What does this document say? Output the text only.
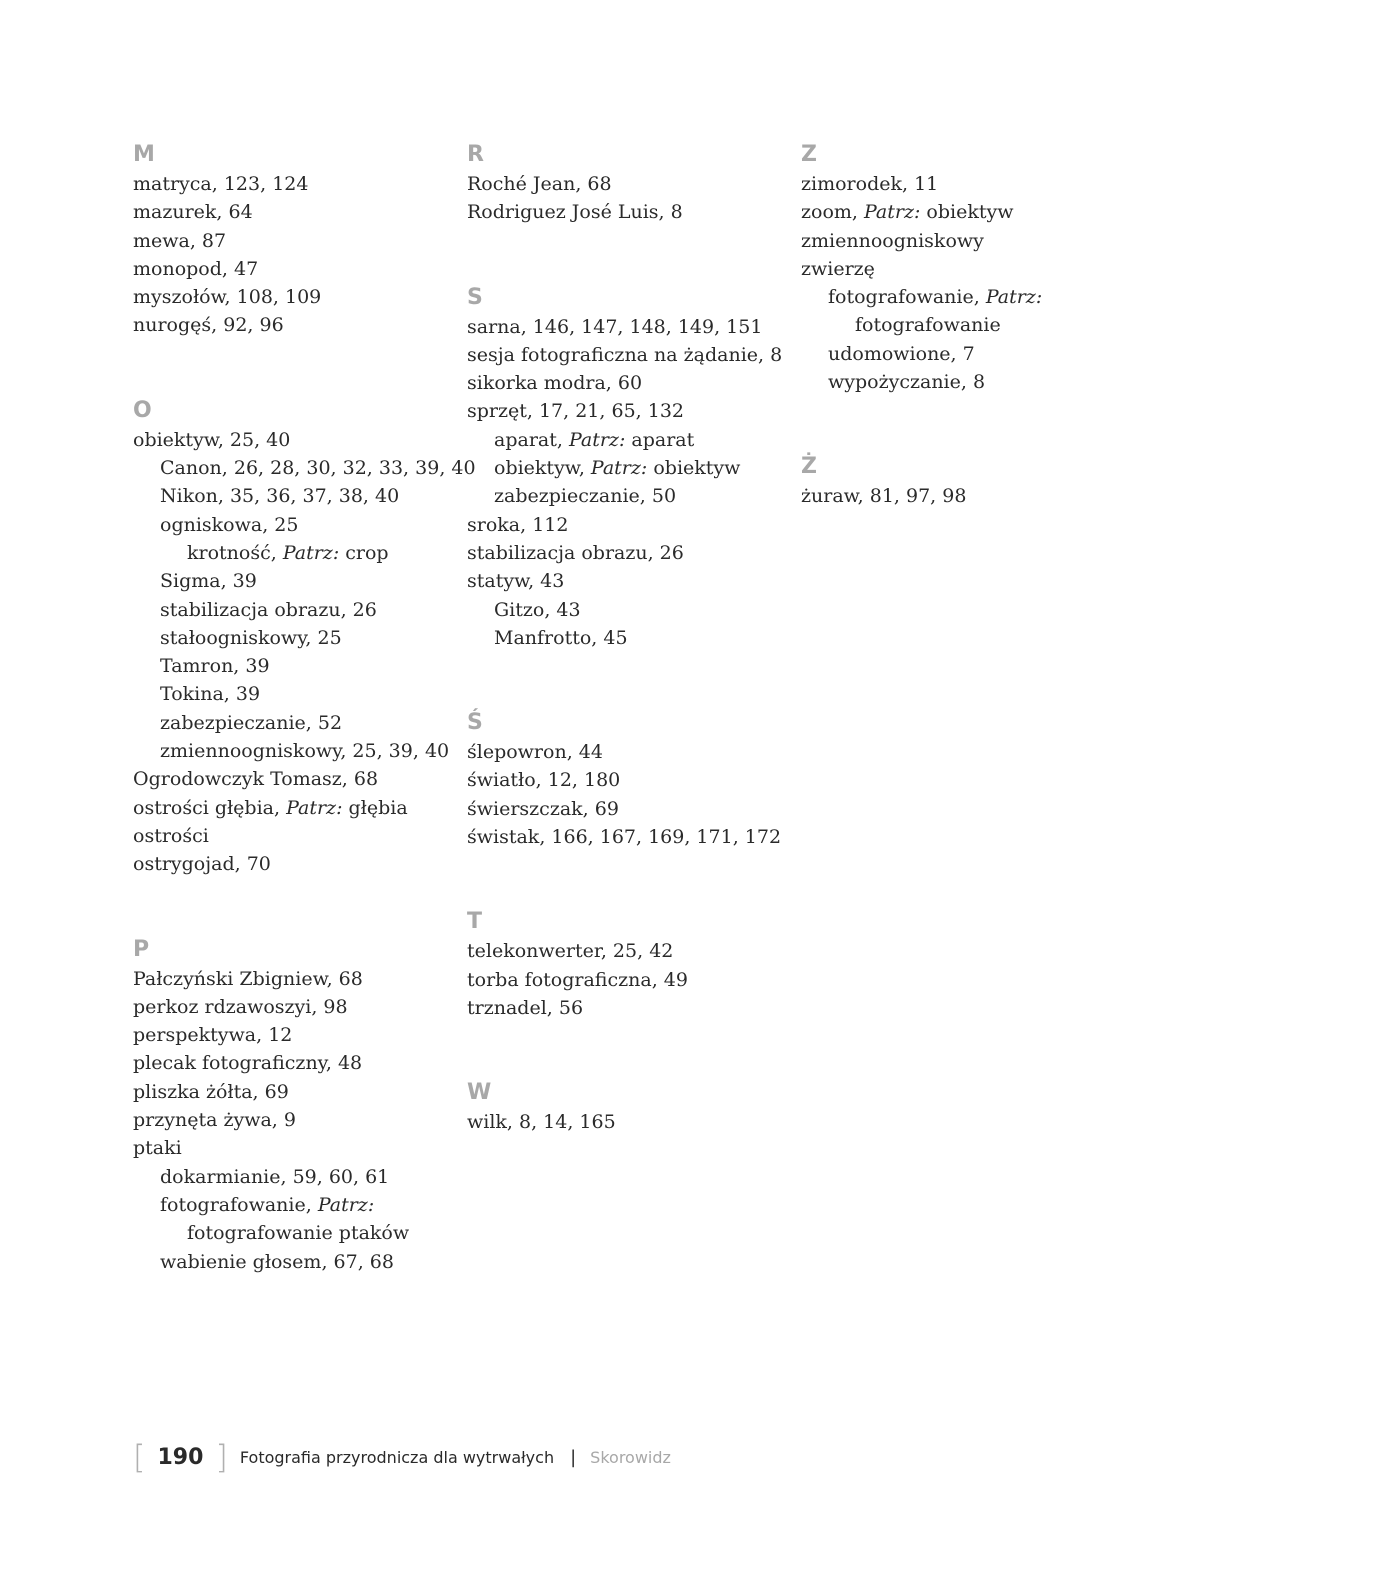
M
matryca, 123, 124
mazurek, 64
mewa, 87
monopod, 47
myszołów, 108, 109
nurogęś, 92, 96
O
obiektyw, 25, 40
Canon, 26, 28, 30, 32, 33, 39, 40
Nikon, 35, 36, 37, 38, 40
ogniskowa, 25
krotność, Patrz: crop
Sigma, 39
stabilizacja obrazu, 26
stałoogniskowy, 25
Tamron, 39
Tokina, 39
zabezpieczanie, 52
zmiennoogniskowy, 25, 39, 40
Ogrodowczyk Tomasz, 68
ostrości głębia, Patrz: głębia
ostrości
ostrygojad, 70
P
Pałczyński Zbigniew, 68
perkoz rdzawoszyi, 98
perspektywa, 12
plecak fotograficzny, 48
pliszka żółta, 69
przynęta żywa, 9
ptaki
dokarmianie, 59, 60, 61
fotografowanie, Patrz:
fotografowanie ptaków
wabienie głosem, 67, 68
R
Roché Jean, 68
Rodriguez José Luis, 8
S
sarna, 146, 147, 148, 149, 151
sesja fotograficzna na żądanie, 8
sikorka modra, 60
sprzęt, 17, 21, 65, 132
aparat, Patrz: aparat
obiektyw, Patrz: obiektyw
zabezpieczanie, 50
sroka, 112
stabilizacja obrazu, 26
statyw, 43
Gitzo, 43
Manfrotto, 45
Ś
ślepowron, 44
światło, 12, 180
świerszczak, 69
świstak, 166, 167, 169, 171, 172
T
telekonwerter, 25, 42
torba fotograficzna, 49
trznadel, 56
W
wilk, 8, 14, 165
Z
zimorodek, 11
zoom, Patrz: obiektyw
zmiennoogniskowy
zwierzę
fotografowanie, Patrz:
fotografowanie
udomowione, 7
wypożyczanie, 8
Ż
żuraw, 81, 97, 98
[ 190 ] Fotografia przyrodnicza dla wytrwałych | Skorowidz
